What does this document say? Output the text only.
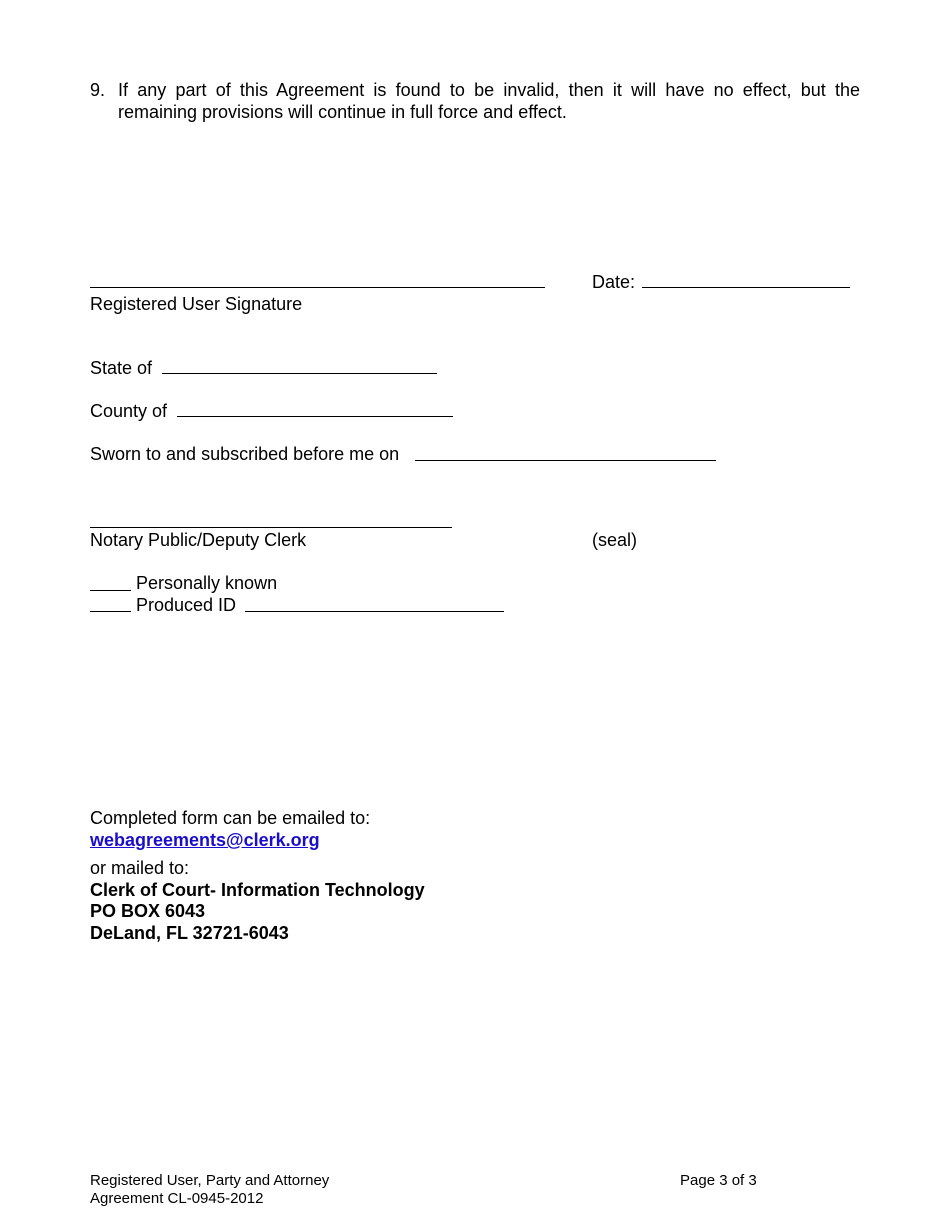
9. If any part of this Agreement is found to be invalid, then it will have no effect, but the remaining provisions will continue in full force and effect.
Registered User Signature
Date:
State of
County of
Sworn to and subscribed before me on
Notary Public/Deputy Clerk	(seal)
Personally known
Produced ID
Completed form can be emailed to:
webagreements@clerk.org
or mailed to:
Clerk of Court- Information Technology
PO BOX 6043
DeLand, FL 32721-6043
Registered User, Party and Attorney
Agreement CL-0945-2012
Page 3 of 3
